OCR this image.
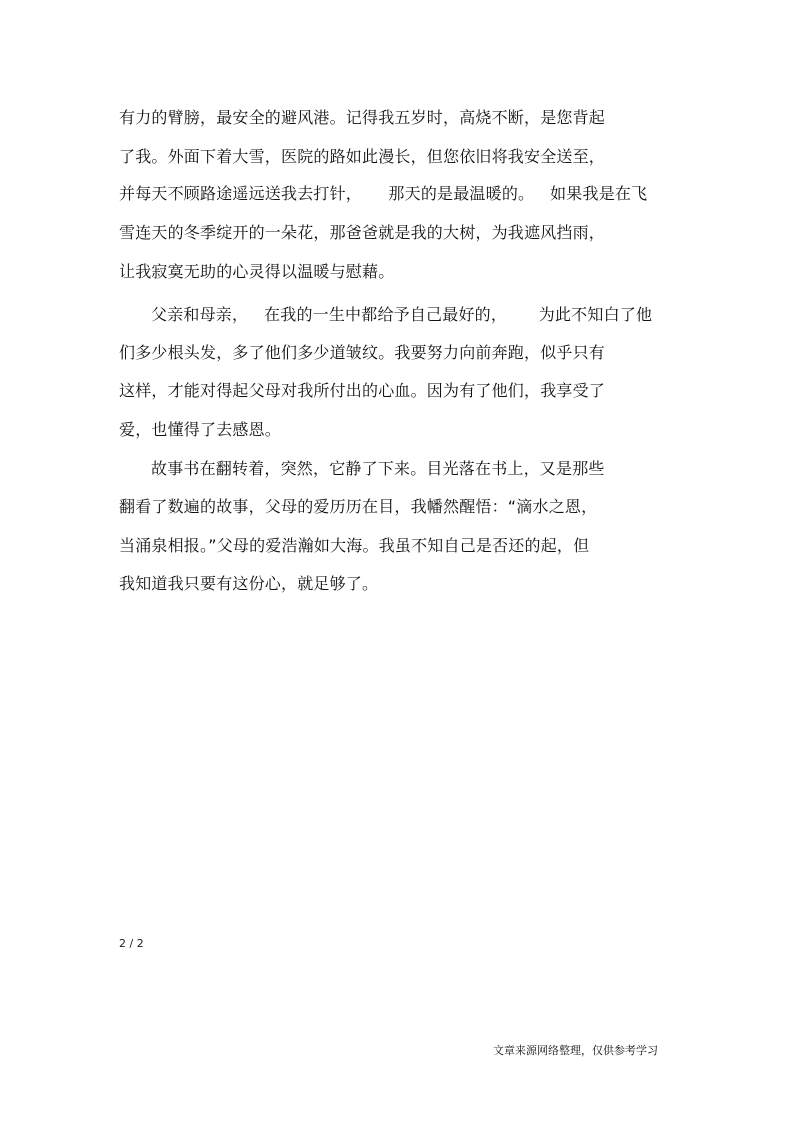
有力的臂膀，最安全的避风港。记得我五岁时，高烧不断，是您背起
了我。外面下着大雪，医院的路如此漫长，但您依旧将我安全送至，
并每天不顾路途遥远送我去打针，     那天的是最温暖的。   如果我是在飞
雪连天的冬季绽开的一朵花，那爸爸就是我的大树，为我遮风挡雨，
让我寂寞无助的心灵得以温暖与慰藉。
父亲和母亲，   在我的一生中都给予自己最好的，      为此不知白了他
们多少根头发，多了他们多少道皱纹。我要努力向前奔跑，似乎只有
这样，才能对得起父母对我所付出的心血。因为有了他们，我享受了
爱，也懂得了去感恩。
故事书在翻转着，突然，它静了下来。目光落在书上，又是那些
翻看了数遍的故事，父母的爱历历在目，我幡然醒悟：“滴水之恩，
当涌泉相报。”父母的爱浩瀚如大海。我虽不知自己是否还的起，但
我知道我只要有这份心，就足够了。
2 / 2
文章来源网络整理，仅供参考学习
